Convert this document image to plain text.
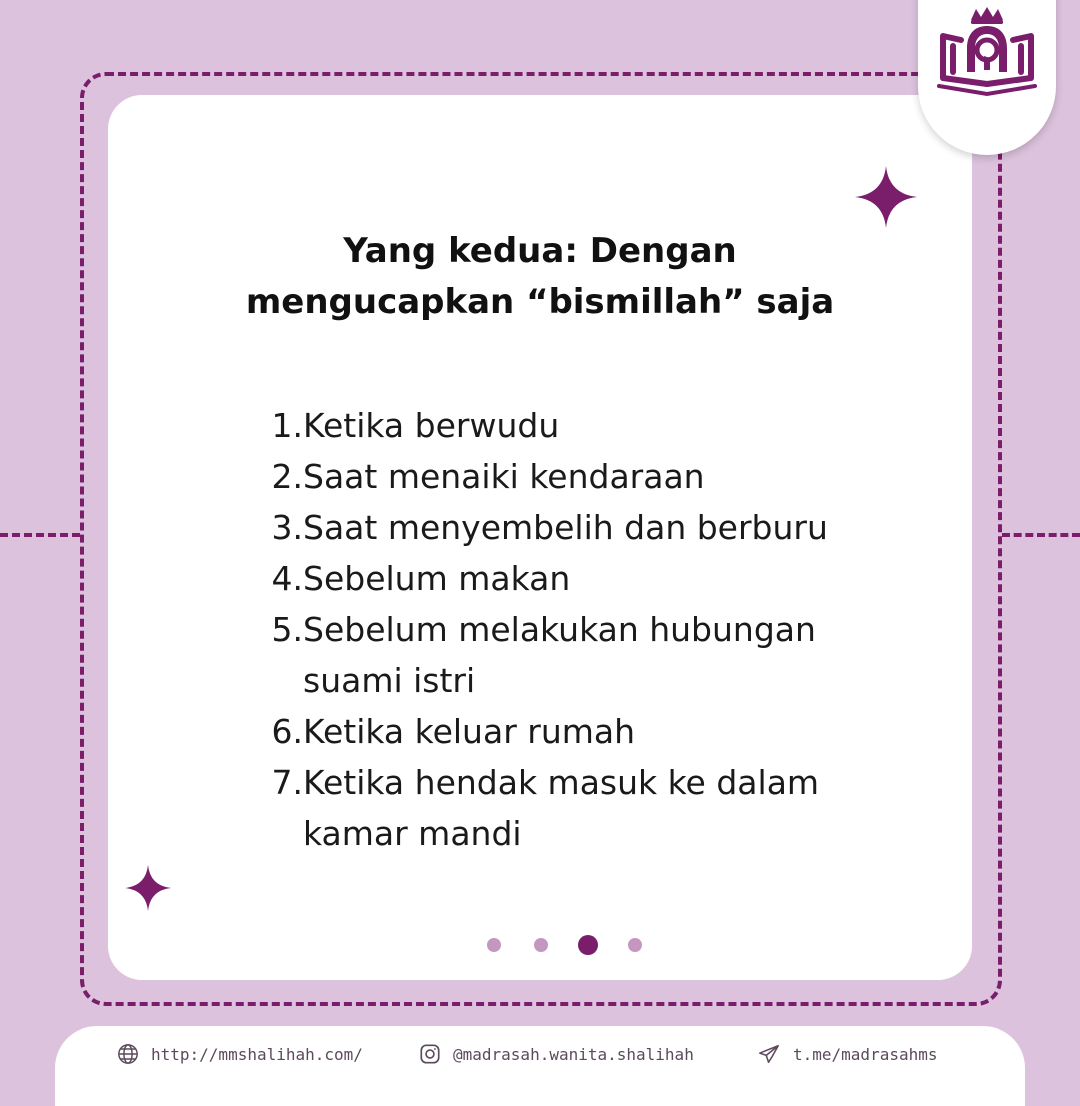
Yang kedua: Dengan
mengucapkan “bismillah” saja
1. Ketika berwudu
2. Saat menaiki kendaraan
3. Saat menyembelih dan berburu
4. Sebelum makan
5. Sebelum melakukan hubungan suami istri
6. Ketika keluar rumah
7. Ketika hendak masuk ke dalam kamar mandi
http://mmshalihah.com/	@madrasah.wanita.shalihah	t.me/madrasahms
